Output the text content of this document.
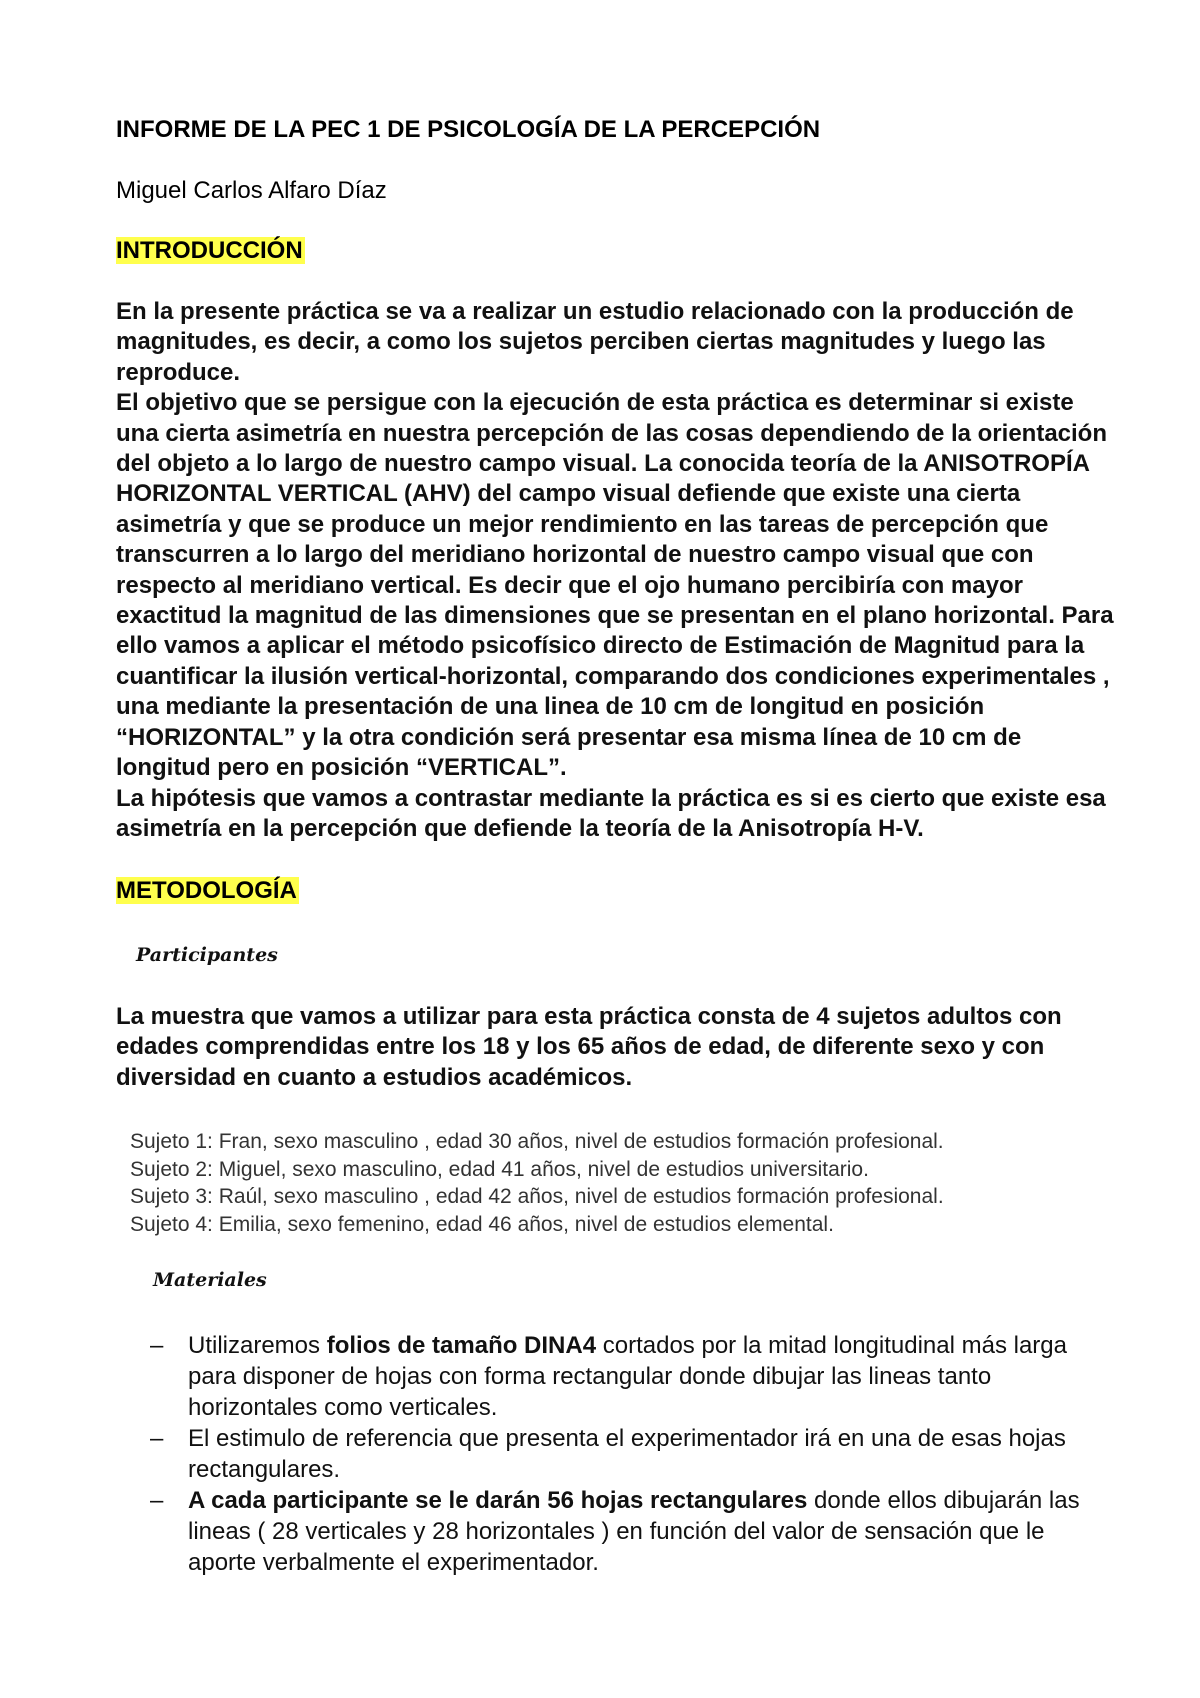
INFORME DE LA PEC 1 DE PSICOLOGÍA DE LA PERCEPCIÓN
Miguel Carlos Alfaro Díaz
INTRODUCCIÓN

En la presente práctica se va a realizar un estudio relacionado con la producción de magnitudes, es decir, a como los sujetos perciben ciertas magnitudes y luego las reproduce.

El objetivo que se persigue con la ejecución de esta práctica es determinar si existe una cierta asimetría en nuestra percepción de las cosas dependiendo de la orientación del objeto a lo largo de nuestro campo visual. La conocida teoría de la ANISOTROPÍA HORIZONTAL VERTICAL (AHV) del campo visual defiende que existe una cierta asimetría y que se produce un mejor rendimiento en las tareas de percepción que transcurren a lo largo del meridiano horizontal de nuestro campo visual que con respecto al meridiano vertical. Es decir que el ojo humano percibiría con mayor exactitud la magnitud de las dimensiones que se presentan en el plano horizontal. Para ello vamos a aplicar el método psicofísico directo de Estimación de Magnitud para la cuantificar la ilusión vertical-horizontal, comparando dos condiciones experimentales , una mediante la presentación de una linea de 10 cm de longitud en posición “HORIZONTAL” y la otra condición será presentar esa misma línea de 10 cm de longitud pero en posición “VERTICAL”.

La hipótesis que vamos a contrastar mediante la práctica es si es cierto que existe esa asimetría en la percepción que defiende la teoría de la Anisotropía H-V.

METODOLOGÍA
Participantes

La muestra que vamos a utilizar para esta práctica consta de 4 sujetos adultos con edades comprendidas entre los 18 y los 65 años de edad, de diferente sexo y con diversidad en cuanto a estudios académicos.

Sujeto 1: Fran, sexo masculino , edad 30 años, nivel de estudios formación profesional.
Sujeto 2: Miguel, sexo masculino, edad 41 años, nivel de estudios universitario.
Sujeto 3: Raúl, sexo masculino , edad 42 años, nivel de estudios formación profesional.
Sujeto 4: Emilia, sexo femenino, edad 46 años, nivel de estudios elemental.
Materiales
– Utilizaremos folios de tamaño DINA4 cortados por la mitad longitudinal más larga para disponer de hojas con forma rectangular donde dibujar las lineas tanto horizontales como verticales.
– El estimulo de referencia que presenta el experimentador irá en una de esas hojas rectangulares.
– A cada participante se le darán 56 hojas rectangulares donde ellos dibujarán las lineas ( 28 verticales y 28 horizontales ) en función del valor de sensación que le aporte verbalmente el experimentador.
